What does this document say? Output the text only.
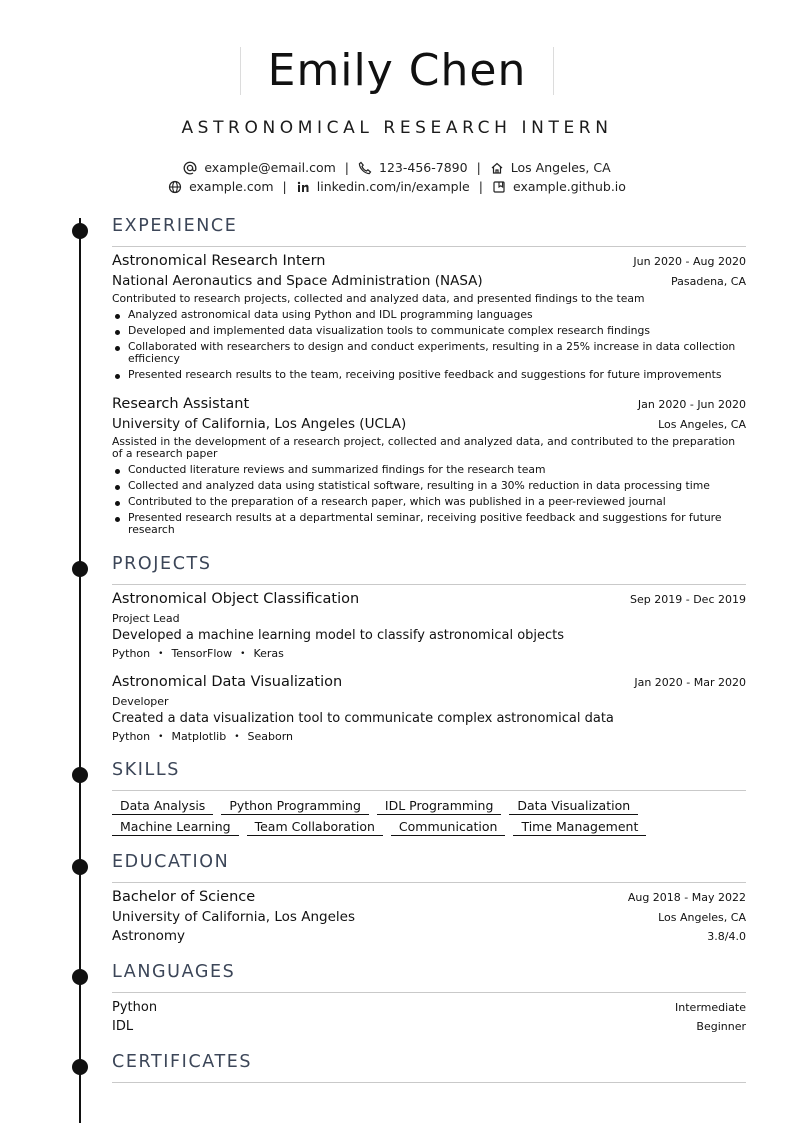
Emily Chen
ASTRONOMICAL RESEARCH INTERN
example@email.com | 123-456-7890 | Los Angeles, CA
example.com | linkedin.com/in/example | example.github.io
EXPERIENCE
Astronomical Research Intern	Jun 2020 - Aug 2020
National Aeronautics and Space Administration (NASA)	Pasadena, CA
Contributed to research projects, collected and analyzed data, and presented findings to the team
Analyzed astronomical data using Python and IDL programming languages
Developed and implemented data visualization tools to communicate complex research findings
Collaborated with researchers to design and conduct experiments, resulting in a 25% increase in data collection efficiency
Presented research results to the team, receiving positive feedback and suggestions for future improvements
Research Assistant	Jan 2020 - Jun 2020
University of California, Los Angeles (UCLA)	Los Angeles, CA
Assisted in the development of a research project, collected and analyzed data, and contributed to the preparation of a research paper
Conducted literature reviews and summarized findings for the research team
Collected and analyzed data using statistical software, resulting in a 30% reduction in data processing time
Contributed to the preparation of a research paper, which was published in a peer-reviewed journal
Presented research results at a departmental seminar, receiving positive feedback and suggestions for future research
PROJECTS
Astronomical Object Classification	Sep 2019 - Dec 2019
Project Lead
Developed a machine learning model to classify astronomical objects
Python • TensorFlow • Keras
Astronomical Data Visualization	Jan 2020 - Mar 2020
Developer
Created a data visualization tool to communicate complex astronomical data
Python • Matplotlib • Seaborn
SKILLS
Data Analysis	Python Programming	IDL Programming	Data Visualization
Machine Learning	Team Collaboration	Communication	Time Management
EDUCATION
Bachelor of Science	Aug 2018 - May 2022
University of California, Los Angeles	Los Angeles, CA
Astronomy	3.8/4.0
LANGUAGES
Python	Intermediate
IDL	Beginner
CERTIFICATES
